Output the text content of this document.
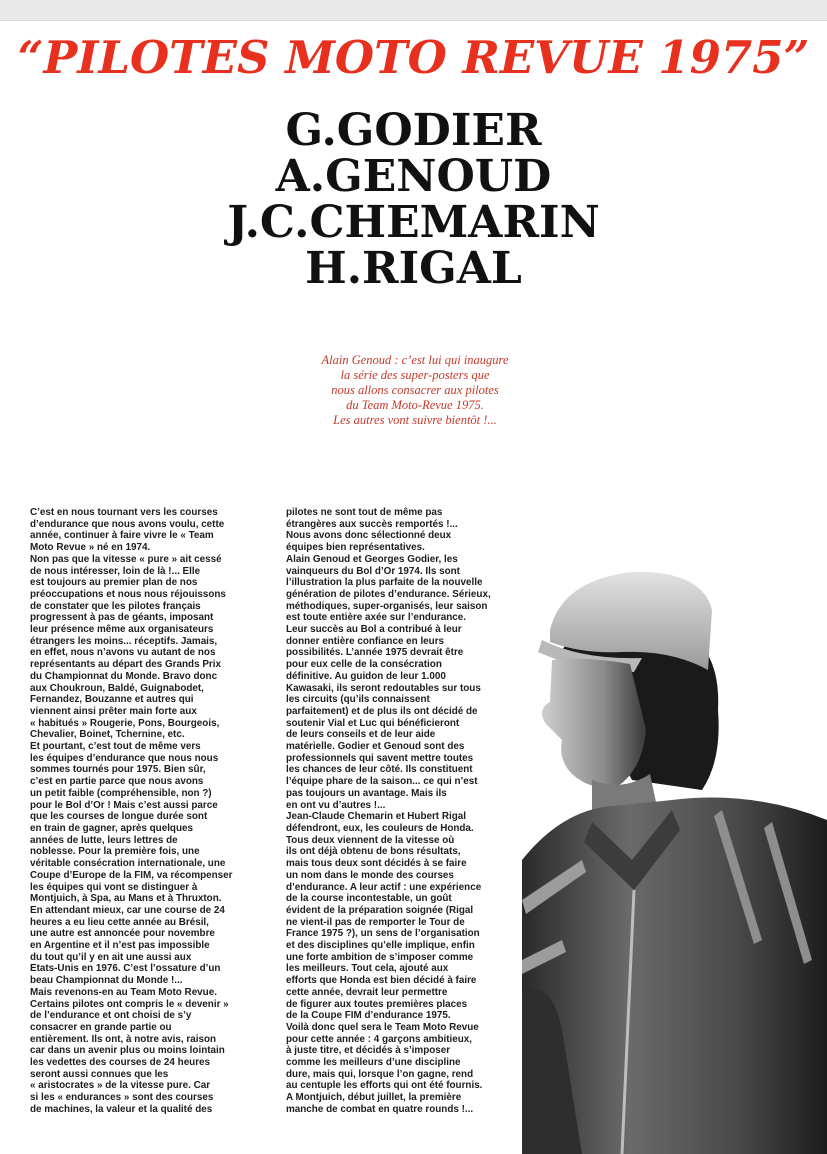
“PILOTES MOTO REVUE 1975”
G.GODIER
A.GENOUD
J.C.CHEMARIN
H.RIGAL
Alain Genoud : c’est lui qui inaugure
la série des super-posters que
nous allons consacrer aux pilotes
du Team Moto-Revue 1975.
Les autres vont suivre bientôt !...
C’est en nous tournant vers les courses
d’endurance que nous avons voulu, cette
année, continuer à faire vivre le « Team
Moto Revue » né en 1974.
Non pas que la vitesse « pure » ait cessé
de nous intéresser, loin de là !... Elle
est toujours au premier plan de nos
préoccupations et nous nous réjouissons
de constater que les pilotes français
progressent à pas de géants, imposant
leur présence même aux organisateurs
étrangers les moins... réceptifs. Jamais,
en effet, nous n’avons vu autant de nos
représentants au départ des Grands Prix
du Championnat du Monde. Bravo donc
aux Choukroun, Baldé, Guignabodet,
Fernandez, Bouzanne et autres qui
viennent ainsi prêter main forte aux
« habitués » Rougerie, Pons, Bourgeois,
Chevalier, Boinet, Tchernine, etc.
Et pourtant, c’est tout de même vers
les équipes d’endurance que nous nous
sommes tournés pour 1975. Bien sûr,
c’est en partie parce que nous avons
un petit faible (compréhensible, non ?)
pour le Bol d’Or ! Mais c’est aussi parce
que les courses de longue durée sont
en train de gagner, après quelques
années de lutte, leurs lettres de
noblesse. Pour la première fois, une
véritable consécration internationale, une
Coupe d’Europe de la FIM, va récompenser
les équipes qui vont se distinguer à
Montjuich, à Spa, au Mans et à Thruxton.
En attendant mieux, car une course de 24
heures a eu lieu cette année au Brésil,
une autre est annoncée pour novembre
en Argentine et il n’est pas impossible
du tout qu’il y en ait une aussi aux
Etats-Unis en 1976. C’est l’ossature d’un
beau Championnat du Monde !...
Mais revenons-en au Team Moto Revue.
Certains pilotes ont compris le « devenir »
de l’endurance et ont choisi de s’y
consacrer en grande partie ou
entièrement. Ils ont, à notre avis, raison
car dans un avenir plus ou moins lointain
les vedettes des courses de 24 heures
seront aussi connues que les
« aristocrates » de la vitesse pure. Car
si les « endurances » sont des courses
de machines, la valeur et la qualité des
pilotes ne sont tout de même pas
étrangères aux succès remportés !...
Nous avons donc sélectionné deux
équipes bien représentatives.
Alain Genoud et Georges Godier, les
vainqueurs du Bol d’Or 1974. Ils sont
l’illustration la plus parfaite de la nouvelle
génération de pilotes d’endurance. Sérieux,
méthodiques, super-organisés, leur saison
est toute entière axée sur l’endurance.
Leur succès au Bol a contribué à leur
donner entière confiance en leurs
possibilités. L’année 1975 devrait être
pour eux celle de la consécration
définitive. Au guidon de leur 1.000
Kawasaki, ils seront redoutables sur tous
les circuits (qu’ils connaissent
parfaitement) et de plus ils ont décidé de
soutenir Vial et Luc qui bénéficieront
de leurs conseils et de leur aide
matérielle. Godier et Genoud sont des
professionnels qui savent mettre toutes
les chances de leur côté. Ils constituent
l’équipe phare de la saison... ce qui n’est
pas toujours un avantage. Mais ils
en ont vu d’autres !...
Jean-Claude Chemarin et Hubert Rigal
défendront, eux, les couleurs de Honda.
Tous deux viennent de la vitesse où
ils ont déjà obtenu de bons résultats,
mais tous deux sont décidés à se faire
un nom dans le monde des courses
d’endurance. A leur actif : une expérience
de la course incontestable, un goût
évident de la préparation soignée (Rigal
ne vient-il pas de remporter le Tour de
France 1975 ?), un sens de l’organisation
et des disciplines qu’elle implique, enfin
une forte ambition de s’imposer comme
les meilleurs. Tout cela, ajouté aux
efforts que Honda est bien décidé à faire
cette année, devrait leur permettre
de figurer aux toutes premières places
de la Coupe FIM d’endurance 1975.
Voilà donc quel sera le Team Moto Revue
pour cette année : 4 garçons ambitieux,
à juste titre, et décidés à s’imposer
comme les meilleurs d’une discipline
dure, mais qui, lorsque l’on gagne, rend
au centuple les efforts qui ont été fournis.
A Montjuich, début juillet, la première
manche de combat en quatre rounds !...
